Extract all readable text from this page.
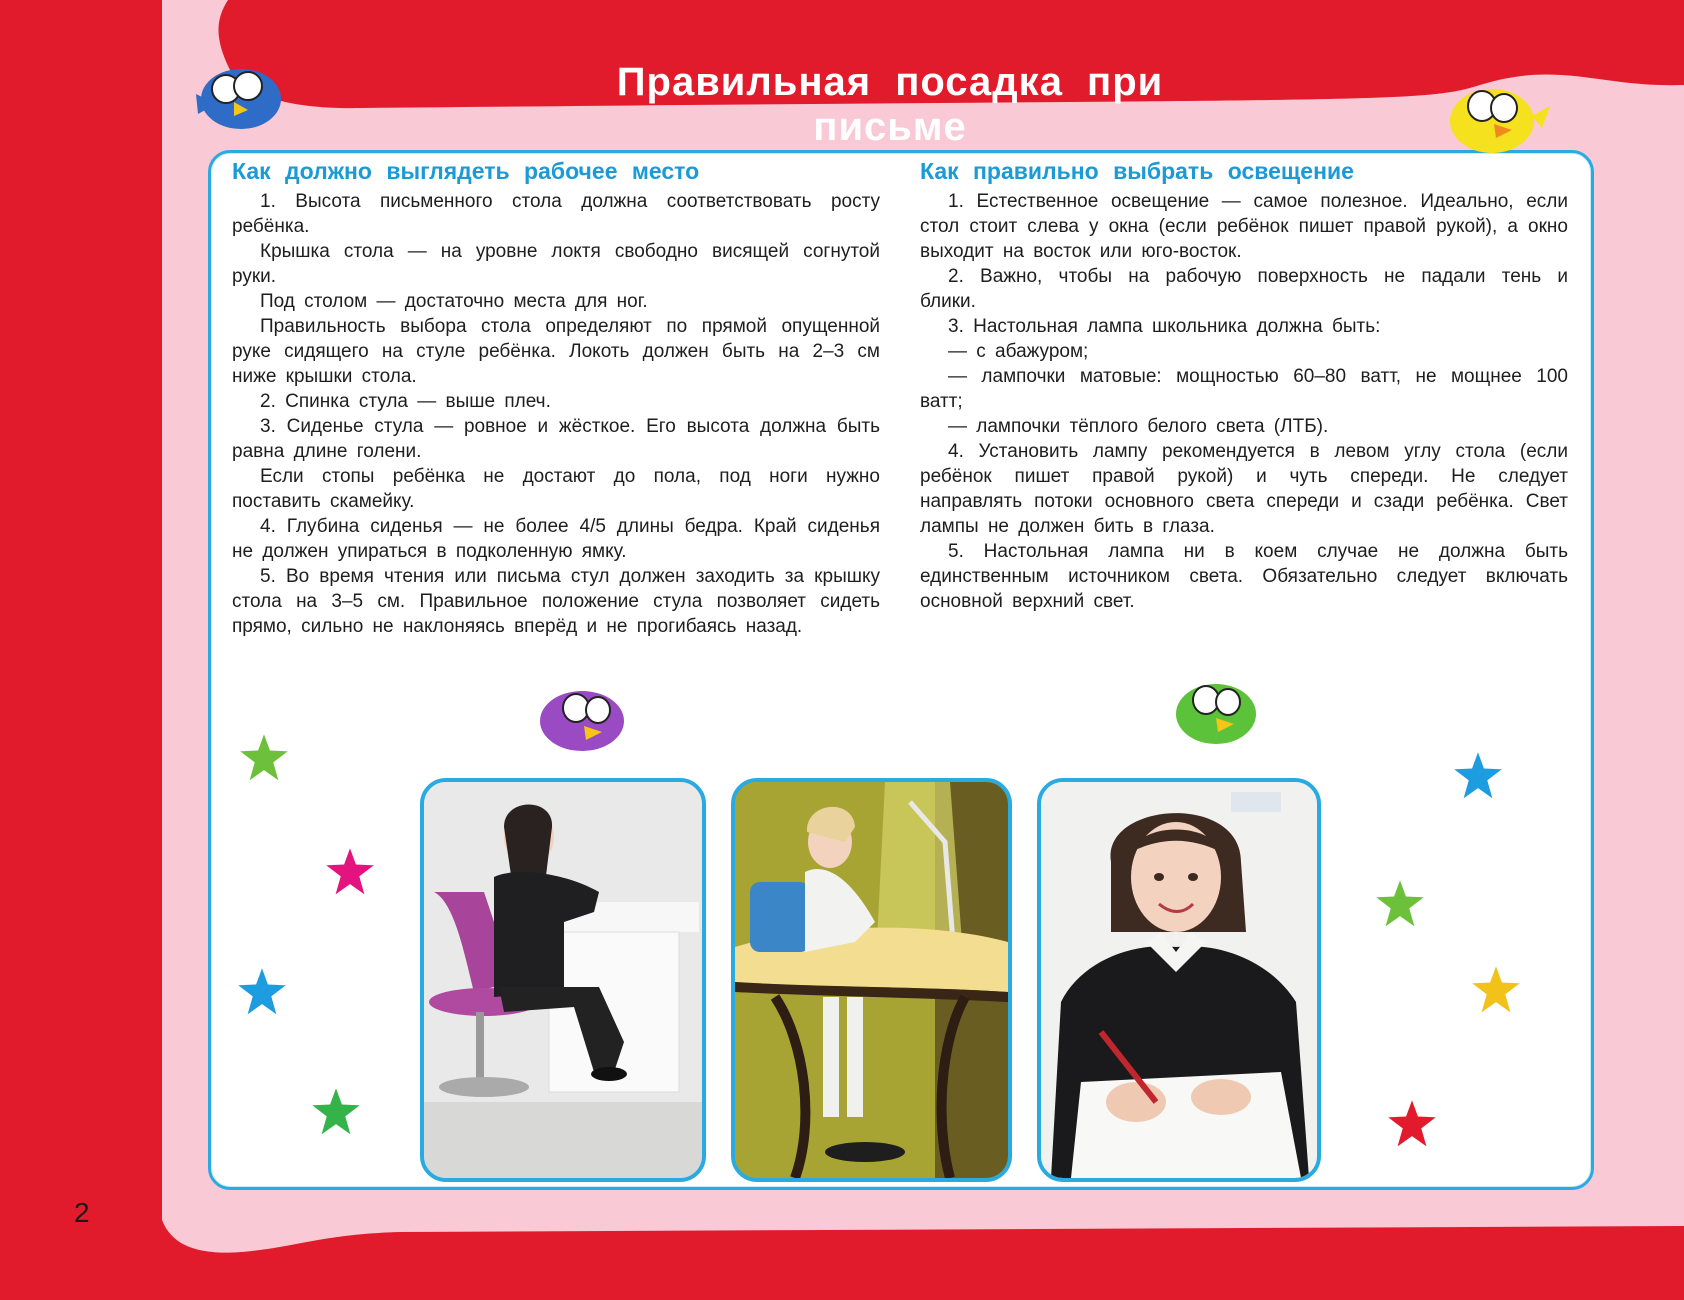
Правильная посадка при письме
2
Как должно выглядеть рабочее место

1. Высота письменного стола должна соответствовать росту ребёнка.

Крышка стола — на уровне локтя свободно висящей согнутой руки.

Под столом — достаточно места для ног.

Правильность выбора стола определяют по прямой опущенной руке сидящего на стуле ребёнка. Локоть должен быть на 2–3 см ниже крышки стола.

2. Спинка стула — выше плеч.

3. Сиденье стула — ровное и жёсткое. Его высота должна быть равна длине голени.

Если стопы ребёнка не достают до пола, под ноги нужно поставить скамейку.

4. Глубина сиденья — не более 4/5 длины бедра. Край сиденья не должен упираться в подколенную ямку.

5. Во время чтения или письма стул должен заходить за крышку стола на 3–5 см. Правильное положение стула позволяет сидеть прямо, сильно не наклоняясь вперёд и не прогибаясь назад.

Как правильно выбрать освещение

1. Естественное освещение — самое полезное. Идеально, если стол стоит слева у окна (если ребёнок пишет правой рукой), а окно выходит на восток или юго-восток.

2. Важно, чтобы на рабочую поверхность не падали тень и блики.

3. Настольная лампа школьника должна быть:

— с абажуром;

— лампочки матовые: мощностью 60–80 ватт, не мощнее 100 ватт;

— лампочки тёплого белого света (ЛТБ).

4. Установить лампу рекомендуется в левом углу стола (если ребёнок пишет правой рукой) и чуть спереди. Не следует направлять потоки основного света спереди и сзади ребёнка. Свет лампы не должен бить в глаза.

5. Настольная лампа ни в коем случае не должна быть единственным источником света. Обязательно следует включать основной верхний свет.
